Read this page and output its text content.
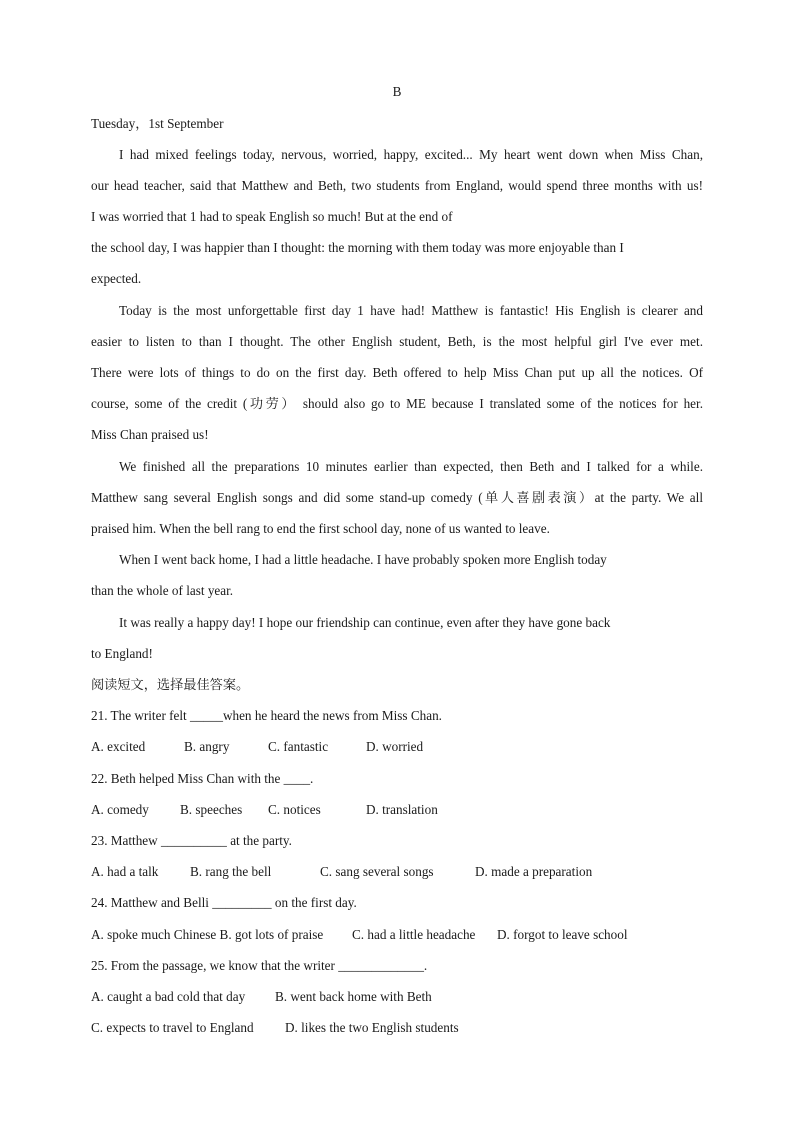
B
Tuesday，1st September
I had mixed feelings today, nervous, worried, happy, excited... My heart went down when Miss Chan,
our head teacher, said that Matthew and Beth, two students from England, would spend three months with us!
I was worried that 1 had to speak English so much! But at the end of
the school day, I was happier than I thought: the morning with them today was more enjoyable than I
expected.
Today is the most unforgettable first day 1 have had! Matthew is fantastic! His English is clearer and
easier to listen to than I thought. The other English student, Beth, is the most helpful girl I've ever met.
There were lots of things to do on the first day. Beth offered to help Miss Chan put up all the notices. Of
course, some of the credit (功劳） should also go to ME because I translated some of the notices for her.
Miss Chan praised us!
We finished all the preparations 10 minutes earlier than expected, then Beth and I talked for a while.
Matthew sang several English songs and did some stand-up comedy (单人喜剧表演）at the party. We all
praised him. When the bell rang to end the first school day, none of us wanted to leave.
When I went back home, I had a little headache. I have probably spoken more English today
than the whole of last year.
It was really a happy day! I hope our friendship can continue, even after they have gone back
to England!
阅读短文，选择最佳答案。
21. The writer felt _____when he heard the news from Miss Chan.
A. excited	B. angry	C. fantastic	D. worried
22. Beth helped Miss Chan with the ____.
A. comedy B. speeches C. notices	D. translation
23. Matthew __________ at the party.
A. had a talk B. rang the bell	C. sang several songs	D. made a preparation
24. Matthew and Belli _________ on the first day.
A. spoke much Chinese B. got lots of praise C. had a little headache D. forgot to leave school
25. From the passage, we know that the writer _____________.
A. caught a bad cold that day B. went back home with Beth
C. expects to travel to England D. likes the two English students
